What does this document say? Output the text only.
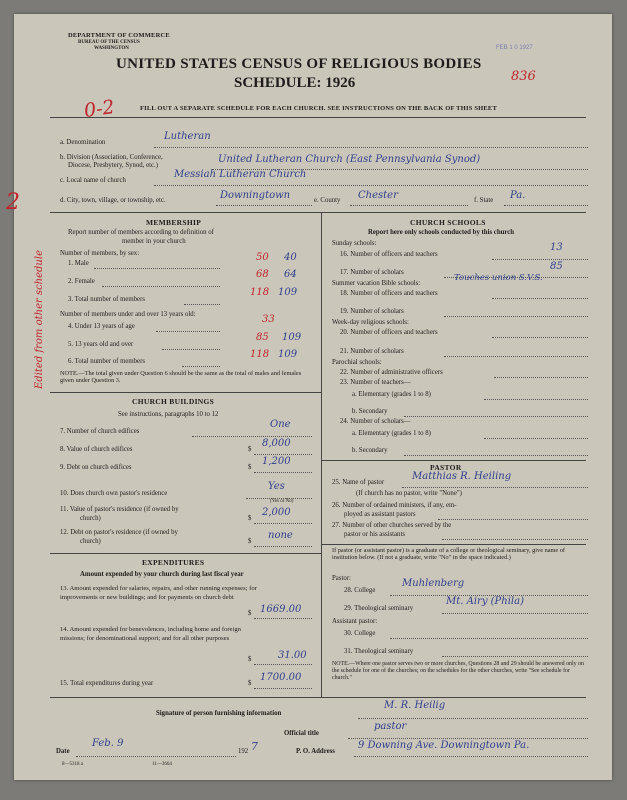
DEPARTMENT OF COMMERCE
BUREAU OF THE CENSUS
WASHINGTON	FEB 1 0 1927
UNITED STATES CENSUS OF RELIGIOUS BODIES
SCHEDULE: 1926	836
0-2	FILL OUT A SEPARATE SCHEDULE FOR EACH CHURCH. SEE INSTRUCTIONS ON THE BACK OF THIS SHEET
a. Denomination
Lutheran
b. Division (Association, Conference,
Diocese, Presbytery, Synod, etc.)
United Lutheran Church (East Pennsylvania Synod)
c. Local name of church
Messiah Lutheran Church
d. City, town, village, or township, etc.	Downingtown	e. County Chester	f. State Pa.
2
Edited from other schedule
MEMBERSHIP
Report number of members according to definition of
member in your church
Number of members, by sex:
1. Male
50 40
2. Female
68 64
3. Total number of members
118 109
Number of members under and over 13 years old:
4. Under 13 years of age
33
5. 13 years old and over
85 109
6. Total number of members
118 109
NOTE.—The total given under Question 6 should be the same as the total of males and females given under Question 3.
CHURCH BUILDINGS
See instructions, paragraphs 10 to 12
7. Number of church edifices
One
8. Value of church edifices	$
8,000
9. Debt on church edifices	$
1,200
10. Does church own pastor's residence
Yes
(Yes or No)
11. Value of pastor's residence (if owned by
church)	$
2,000
12. Debt on pastor's residence (if owned by
church)	$
none
EXPENDITURES
Amount expended by your church during last fiscal year
13. Amount expended for salaries, repairs, and other running expenses; for improvements or new buildings; and for payments on church debt
$ 1669.00
14. Amount expended for benevolences, including home and foreign missions; for denominational support; and for all other purposes
$	31.00
15. Total expenditures during year	$
1700.00
CHURCH SCHOOLS
Report here only schools conducted by this church
Sunday schools:
16. Number of officers and teachers
13
17. Number of scholars
85
Summer vacation Bible schools:
Touches union S.V.S.
18. Number of officers and teachers
19. Number of scholars
Week-day religious schools:
20. Number of officers and teachers
21. Number of scholars
Parochial schools:
22. Number of administrative officers
23. Number of teachers—
a. Elementary (grades 1 to 8)
b. Secondary
24. Number of scholars—
a. Elementary (grades 1 to 8)
b. Secondary
PASTOR
25. Name of pastor
Matthias R. Heiling
(If church has no pastor, write "None")
26. Number of ordained ministers, if any, em-
ployed as assistant pastors
27. Number of other churches served by the
pastor or his assistants
If pastor (or assistant pastor) is a graduate of a college or theological seminary, give name of institution below. (If not a graduate, write "No" in the space indicated.)
Pastor:
28. College
Muhlenberg
29. Theological seminary
Mt. Airy (Phila)
Assistant pastor:
30. College
31. Theological seminary
NOTE.—Where one pastor serves two or more churches, Questions 28 and 29 should be answered only on the schedule for one of the churches; on the schedules for the other churches, write "See schedule for church."
Signature of person furnishing information
M. R. Heilig
Official title
pastor
Date
Feb. 9
192 7	P. O. Address
9 Downing Ave. Downingtown Pa.
8—5318 a	11—3664
